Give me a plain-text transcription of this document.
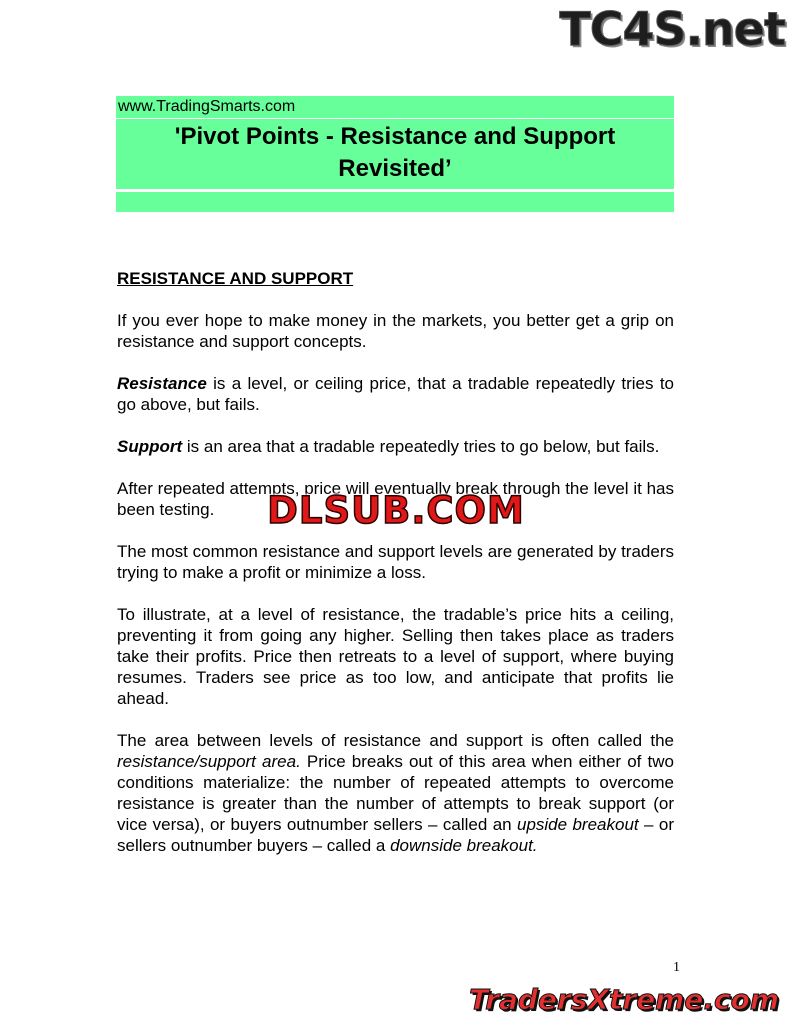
TC4S.net
www.TradingSmarts.com
'Pivot Points - Resistance and Support
Revisited’
RESISTANCE AND SUPPORT

If you ever hope to make money in the markets, you better get a grip on resistance and support concepts.

Resistance is a level, or ceiling price, that a tradable repeatedly tries to go above, but fails.

Support is an area that a tradable repeatedly tries to go below, but fails.

After repeated attempts, price will eventually break through the level it has been testing.

The most common resistance and support levels are generated by traders trying to make a profit or minimize a loss.

To illustrate, at a level of resistance, the tradable’s price hits a ceiling, preventing it from going any higher. Selling then takes place as traders take their profits. Price then retreats to a level of support, where buying resumes. Traders see price as too low, and anticipate that profits lie ahead.

The area between levels of resistance and support is often called the resistance/support area. Price breaks out of this area when either of two conditions materialize: the number of repeated attempts to overcome resistance is greater than the number of attempts to break support (or vice versa), or buyers outnumber sellers – called an upside breakout – or sellers outnumber buyers – called a downside breakout.

DLSUB.COM
1
TradersXtreme.com
